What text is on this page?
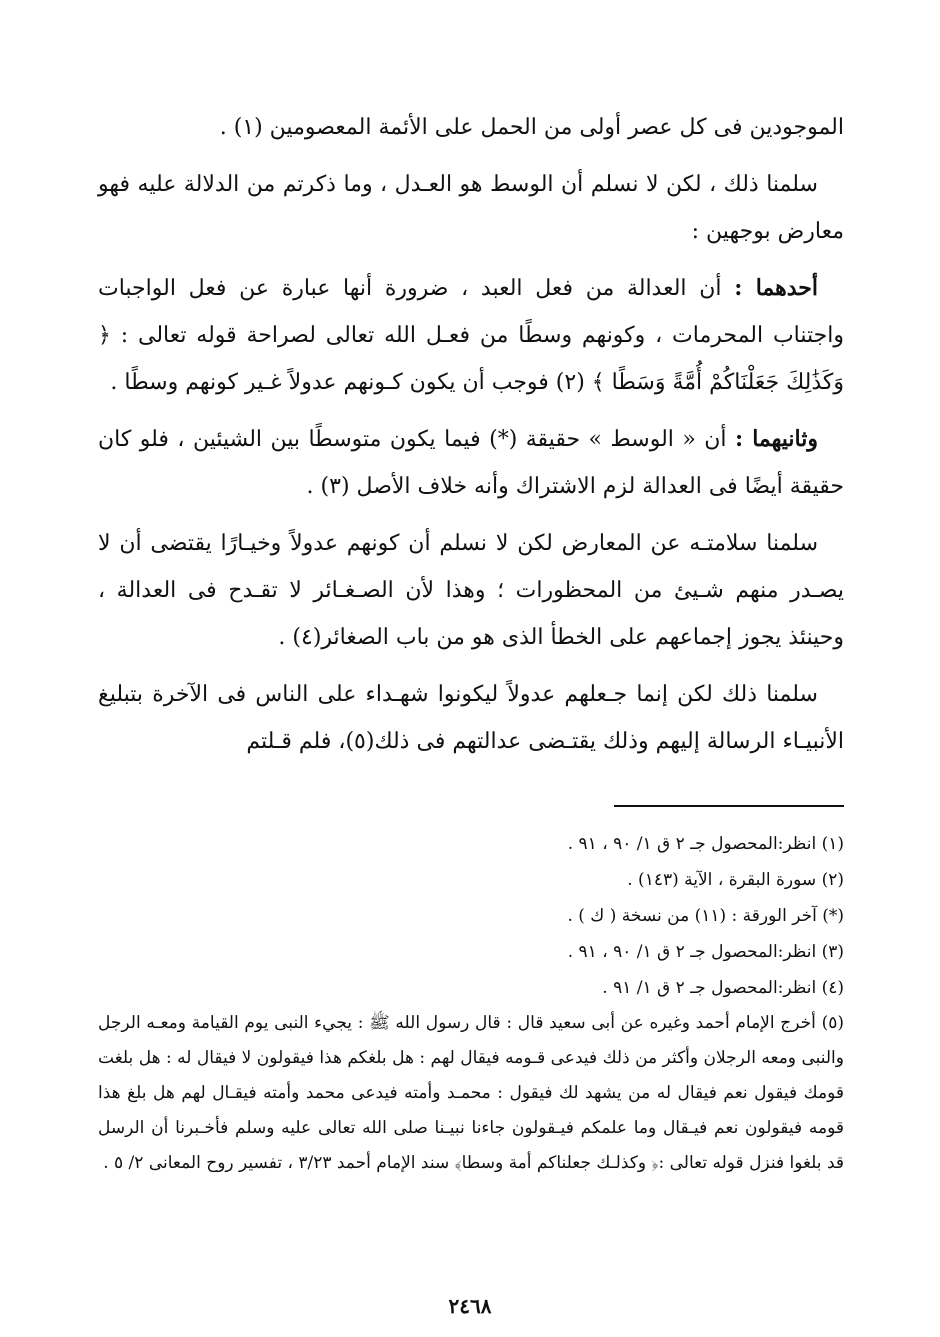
الموجودين فى كل عصر أولى من الحمل على الأئمة المعصومين (١) .

سلمنا ذلك ، لكن لا نسلم أن الوسط هو العـدل ، وما ذكرتم من الدلالة عليه فهو معارض بوجهين :

أحدهما : أن العدالة من فعل العبد ، ضرورة أنها عبارة عن فعل الواجبات واجتناب المحرمات ، وكونهم وسطًا من فعـل الله تعالى لصراحة قوله تعالى : ﴿ وَكَذَٰلِكَ جَعَلْنَاكُمْ أُمَّةً وَسَطًا ﴾ (٢) فوجب أن يكون كـونهم عدولاً غـير كونهم وسطًا .

وثانيهما : أن « الوسط » حقيقة (*) فيما يكون متوسطًا بين الشيئين ، فلو كان حقيقة أيضًا فى العدالة لزم الاشتراك وأنه خلاف الأصل (٣) .

سلمنا سلامتـه عن المعارض لكن لا نسلم أن كونهم عدولاً وخيـارًا يقتضى أن لا يصـدر منهم شـيئ من المحظورات ؛ وهذا لأن الصـغـائر لا تقـدح فى العدالة ، وحينئذ يجوز إجماعهم على الخطأ الذى هو من باب الصغائر(٤) .

سلمنا ذلك لكن إنما جـعلهم عدولاً ليكونوا شهـداء على الناس فى الآخرة بتبليغ الأنبيـاء الرسالة إليهم وذلك يقتـضى عدالتهم فى ذلك(٥)، فلم قـلتم

(١) انظر:المحصول جـ ٢ ق ١/ ٩٠ ، ٩١ .

(٢) سورة البقرة ، الآية (١٤٣) .

(*) آخر الورقة : (١١) من نسخة ( ك ) .

(٣) انظر:المحصول جـ ٢ ق ١/ ٩٠ ، ٩١ .

(٤) انظر:المحصول جـ ٢ ق ١/ ٩١ .

(٥) أخرج الإمام أحمد وغيره عن أبى سعيد قال : قال رسول الله ﷺ : يجيء النبى يوم القيامة ومعـه الرجل والنبى ومعه الرجلان وأكثر من ذلك فيدعى قـومه فيقال لهم : هل بلغكم هذا فيقولون لا فيقال له : هل بلغت قومك فيقول نعم فيقال له من يشهد لك فيقول : محمـد وأمته فيدعى محمد وأمته فيقـال لهم هل بلغ هذا قومه فيقولون نعم فيـقال وما علمكم فيـقولون جاءنا نبيـنا صلى الله تعالى عليه وسلم فأخـبرنا أن الرسل قد بلغوا فنزل قوله تعالى :﴿ وكذلـك جعلناكم أمة وسطا﴾ سند الإمام أحمد ٣/٢٣ ، تفسير روح المعانى ٢/ ٥ .

٢٤٦٨
